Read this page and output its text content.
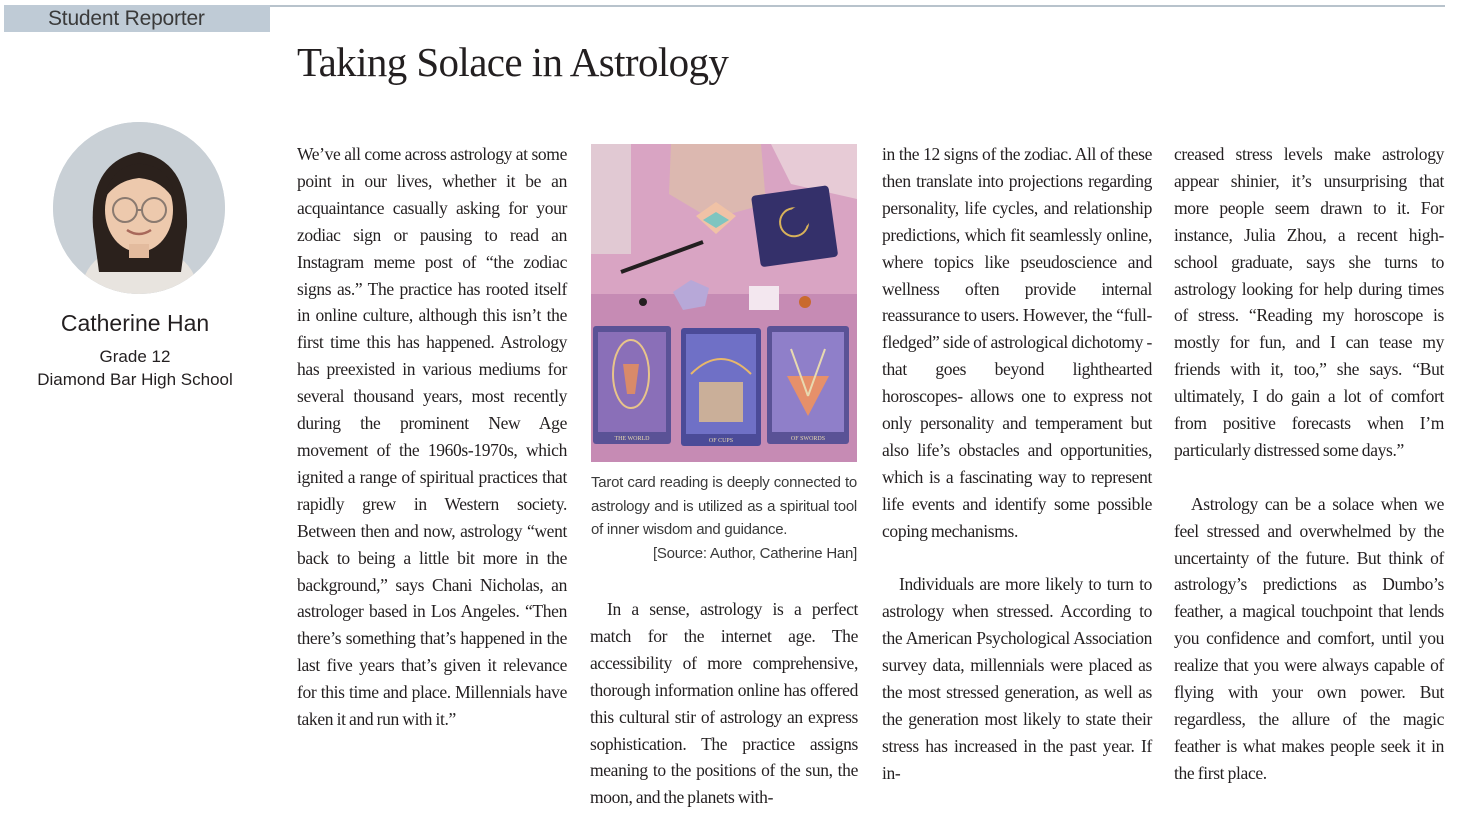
Student Reporter
Taking Solace in Astrology

Catherine Han

Grade 12

Diamond Bar High School

We’ve all come across astrology at some point in our lives, whether it be an acquaintance casually asking for your zodiac sign or pausing to read an Instagram meme post of “the zodiac signs as.” The practice has rooted itself in online culture, although this isn’t the first time this has happened. Astrology has preexisted in various mediums for several thousand years, most recently during the prominent New Age movement of the 1960s-1970s, which ignited a range of spiritual practices that rapidly grew in Western society. Between then and now, astrology “went back to being a little bit more in the background,” says Chani Nicholas, an astrologer based in Los Angeles. “Then there’s something that’s happened in the last five years that’s given it relevance for this time and place. Millennials have taken it and run with it.”

THE WORLD	OF CUPS	OF SWORDS

Tarot card reading is deeply connected to astrology and is utilized as a spiritual tool of inner wisdom and guidance.
[Source: Author, Catherine Han]

In a sense, astrology is a perfect match for the internet age. The accessibility of more comprehensive, thorough information online has offered this cultural stir of astrology an express sophistication. The practice assigns meaning to the positions of the sun, the moon, and the planets with-

in the 12 signs of the zodiac. All of these then translate into projections regarding personality, life cycles, and relationship predictions, which fit seamlessly online, where topics like pseudoscience and wellness often provide internal reassurance to users. However, the “full-fledged” side of astrological dichotomy -that goes beyond lighthearted horoscopes- allows one to express not only personality and temperament but also life’s obstacles and opportunities, which is a fascinating way to represent life events and identify some possible coping mechanisms.

Individuals are more likely to turn to astrology when stressed. According to the American Psychological Association survey data, millennials were placed as the most stressed generation, as well as the generation most likely to state their stress has increased in the past year. If in-

creased stress levels make astrology appear shinier, it’s unsurprising that more people seem drawn to it. For instance, Julia Zhou, a recent high-school graduate, says she turns to astrology looking for help during times of stress. “Reading my horoscope is mostly for fun, and I can tease my friends with it, too,” she says. “But ultimately, I do gain a lot of comfort from positive forecasts when I’m particularly distressed some days.”

Astrology can be a solace when we feel stressed and overwhelmed by the uncertainty of the future. But think of astrology’s predictions as Dumbo’s feather, a magical touchpoint that lends you confidence and comfort, until you realize that you were always capable of flying with your own power. But regardless, the allure of the magic feather is what makes people seek it in the first place.
